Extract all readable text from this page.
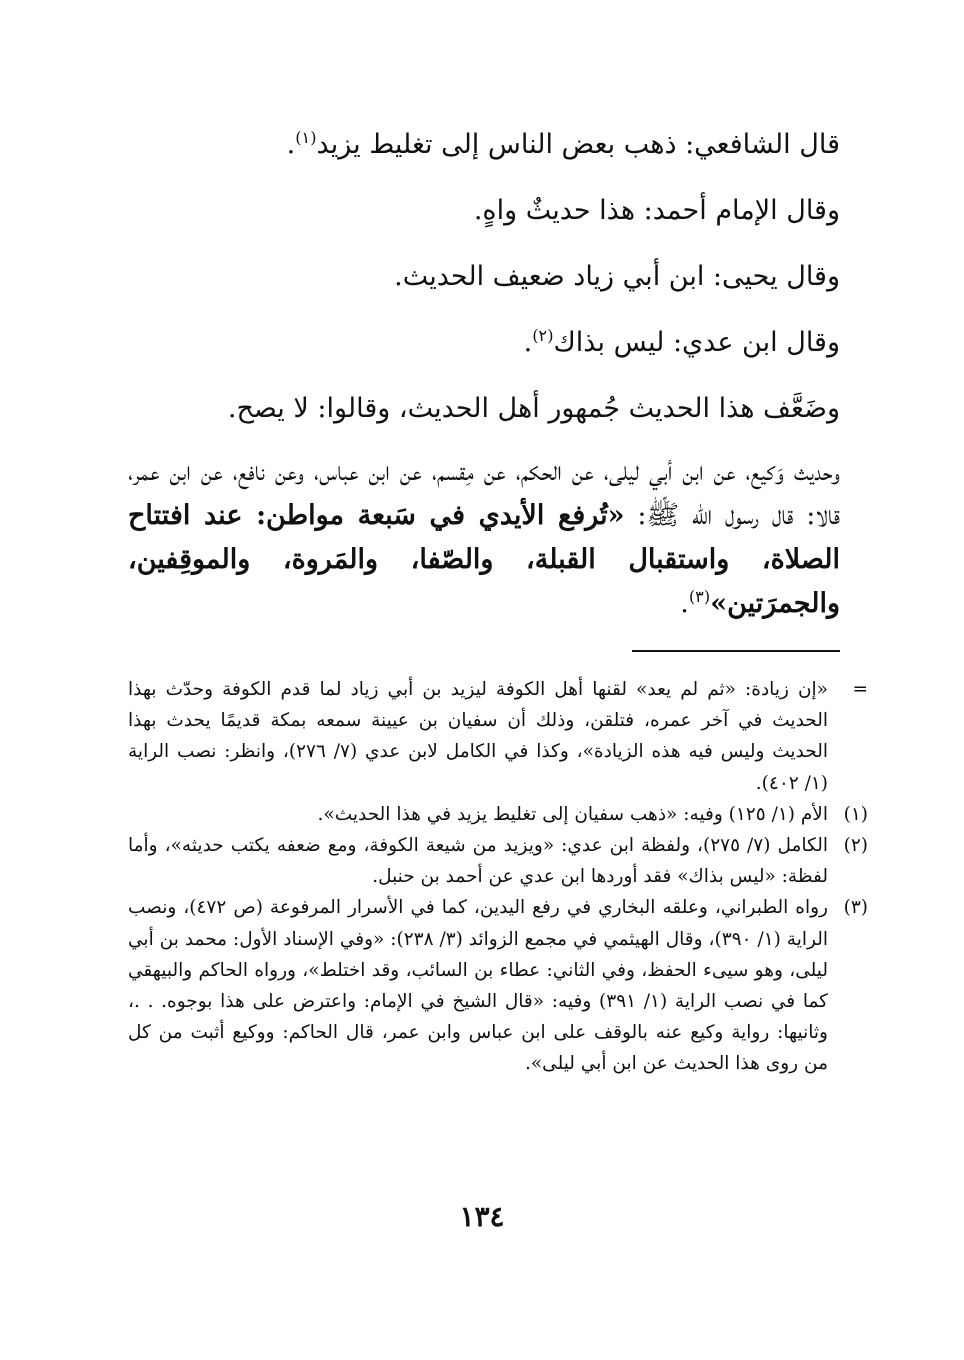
قال الشافعي: ذهب بعض الناس إلى تغليط يزيد$^{(١)}$.

وقال الإمام أحمد: هذا حديثٌ واهٍ.

وقال يحيى: ابن أبي زياد ضعيف الحديث.

وقال ابن عدي: ليس بذاك$^{(٢)}$.

وضَعَّف هذا الحديث جُمهور أهل الحديث، وقالوا: لا يصح.

وحديث وَكيع، عن ابن أبي ليلى، عن الحكم، عن مِقسم، عن ابن عباس، وعن نافع، عن ابن عمر، قالا: قال رسول الله ﷺ: «تُرفع الأيدي في سَبعة مواطن: عند افتتاح الصلاة، واستقبال القبلة، والصّفا، والمَروة، والموقِفين، والجمرَتين»$^{(٣)}$.

=
«إن زيادة: «ثم لم يعد» لقنها أهل الكوفة ليزيد بن أبي زياد لما قدم الكوفة وحدّث بهذا الحديث في آخر عمره، فتلقن، وذلك أن سفيان بن عيينة سمعه بمكة قديمًا يحدث بهذا الحديث وليس فيه هذه الزيادة»، وكذا في الكامل لابن عدي (٧/ ٢٧٦)، وانظر: نصب الراية (١/ ٤٠٢).
(١)
الأم (١/ ١٢٥) وفيه: «ذهب سفيان إلى تغليط يزيد في هذا الحديث».
(٢)
الكامل (٧/ ٢٧٥)، ولفظة ابن عدي: «ويزيد من شيعة الكوفة، ومع ضعفه يكتب حديثه»، وأما لفظة: «ليس بذاك» فقد أوردها ابن عدي عن أحمد بن حنبل.
(٣)
رواه الطبراني، وعلقه البخاري في رفع اليدين، كما في الأسرار المرفوعة (ص ٤٧٢)، ونصب الراية (١/ ٣٩٠)، وقال الهيثمي في مجمع الزوائد (٣/ ٢٣٨): «وفي الإسناد الأول: محمد بن أبي ليلى، وهو سيىء الحفظ، وفي الثاني: عطاء بن السائب، وقد اختلط»، ورواه الحاكم والبيهقي كما في نصب الراية (١/ ٣٩١) وفيه: «قال الشيخ في الإمام: واعترض على هذا بوجوه. . .، وثانيها: رواية وكيع عنه بالوقف على ابن عباس وابن عمر، قال الحاكم: ووكيع أثبت من كل من روى هذا الحديث عن ابن أبي ليلى».
١٣٤
